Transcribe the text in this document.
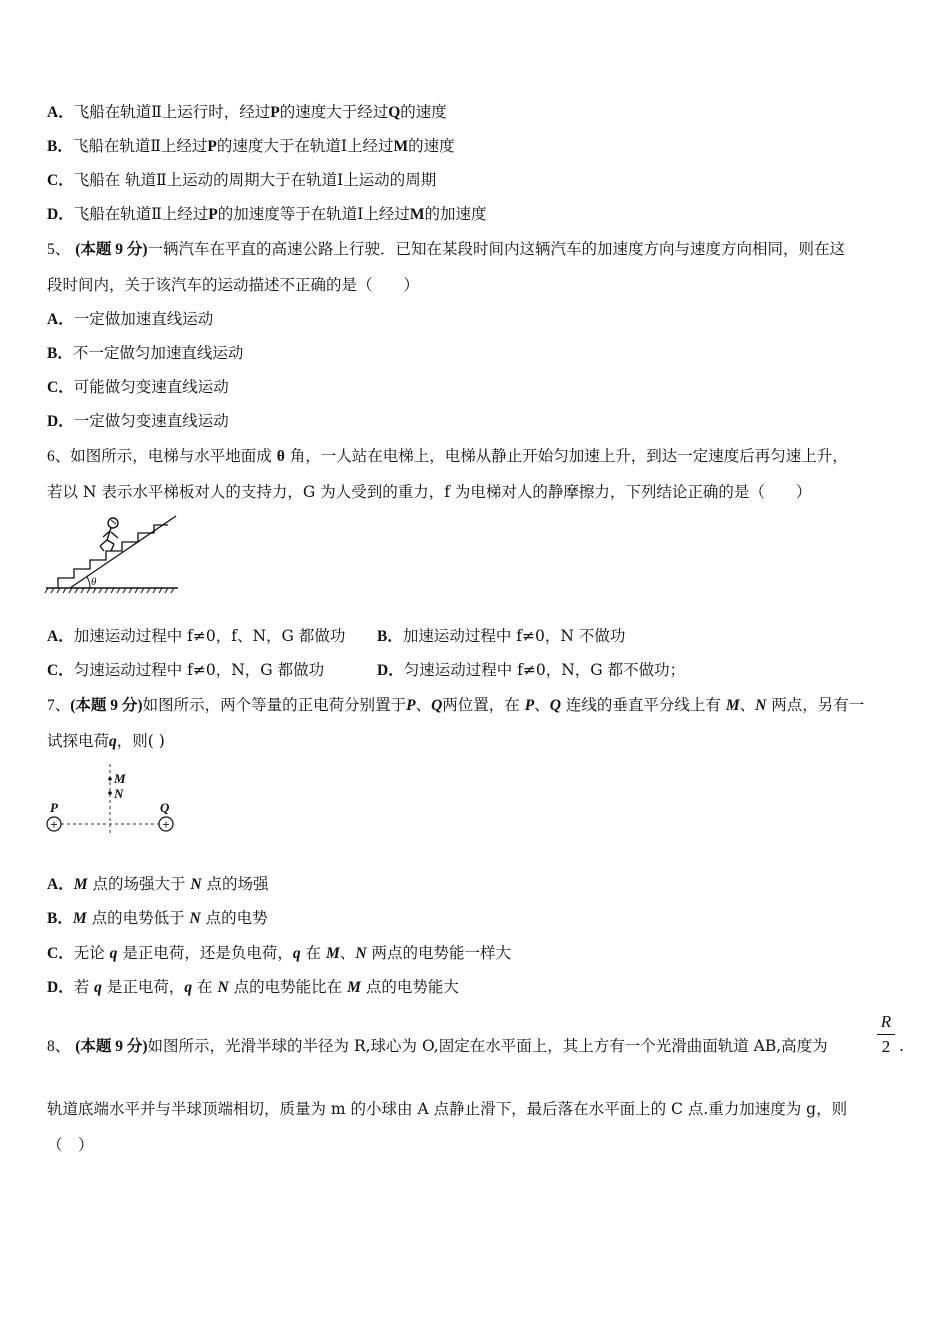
A．飞船在轨道Ⅱ上运行时，经过P的速度大于经过Q的速度
B．飞船在轨道Ⅱ上经过P的速度大于在轨道Ⅰ上经过M的速度
C．飞船在 轨道Ⅱ上运动的周期大于在轨道Ⅰ上运动的周期
D．飞船在轨道Ⅱ上经过P的加速度等于在轨道Ⅰ上经过M的加速度
5、 (本题 9 分)一辆汽车在平直的高速公路上行驶．已知在某段时间内这辆汽车的加速度方向与速度方向相同，则在这
段时间内，关于该汽车的运动描述不正确的是（　　）
A．一定做加速直线运动
B．不一定做匀加速直线运动
C．可能做匀变速直线运动
D．一定做匀变速直线运动
6、如图所示，电梯与水平地面成 θ 角，一人站在电梯上，电梯从静止开始匀加速上升，到达一定速度后再匀速上升，
若以 N 表示水平梯板对人的支持力，G 为人受到的重力，f 为电梯对人的静摩擦力，下列结论正确的是（　　）
θ
A．加速运动过程中 f≠0，f、N，G 都做功 B．加速运动过程中 f≠0，N 不做功
C．匀速运动过程中 f≠0，N，G 都做功	D．匀速运动过程中 f≠0，N，G 都不做功；
7、(本题 9 分)如图所示，两个等量的正电荷分别置于P、Q两位置，在 P、Q 连线的垂直平分线上有 M、N 两点，另有一
试探电荷q，则( )
M
N
P	Q
+	+
A．M 点的场强大于 N 点的场强
B．M 点的电势低于 N 点的电势
C．无论 q 是正电荷，还是负电荷，q 在 M、N 两点的电势能一样大
D．若 q 是正电荷，q 在 N 点的电势能比在 M 点的电势能大
8、 (本题 9 分)如图所示，光滑半球的半径为 R,球心为 O,固定在水平面上，其上方有一个光滑曲面轨道 AB,高度为
R
2 .
轨道底端水平并与半球顶端相切，质量为 m 的小球由 A 点静止滑下，最后落在水平面上的 C 点.重力加速度为 g，则
（　）
